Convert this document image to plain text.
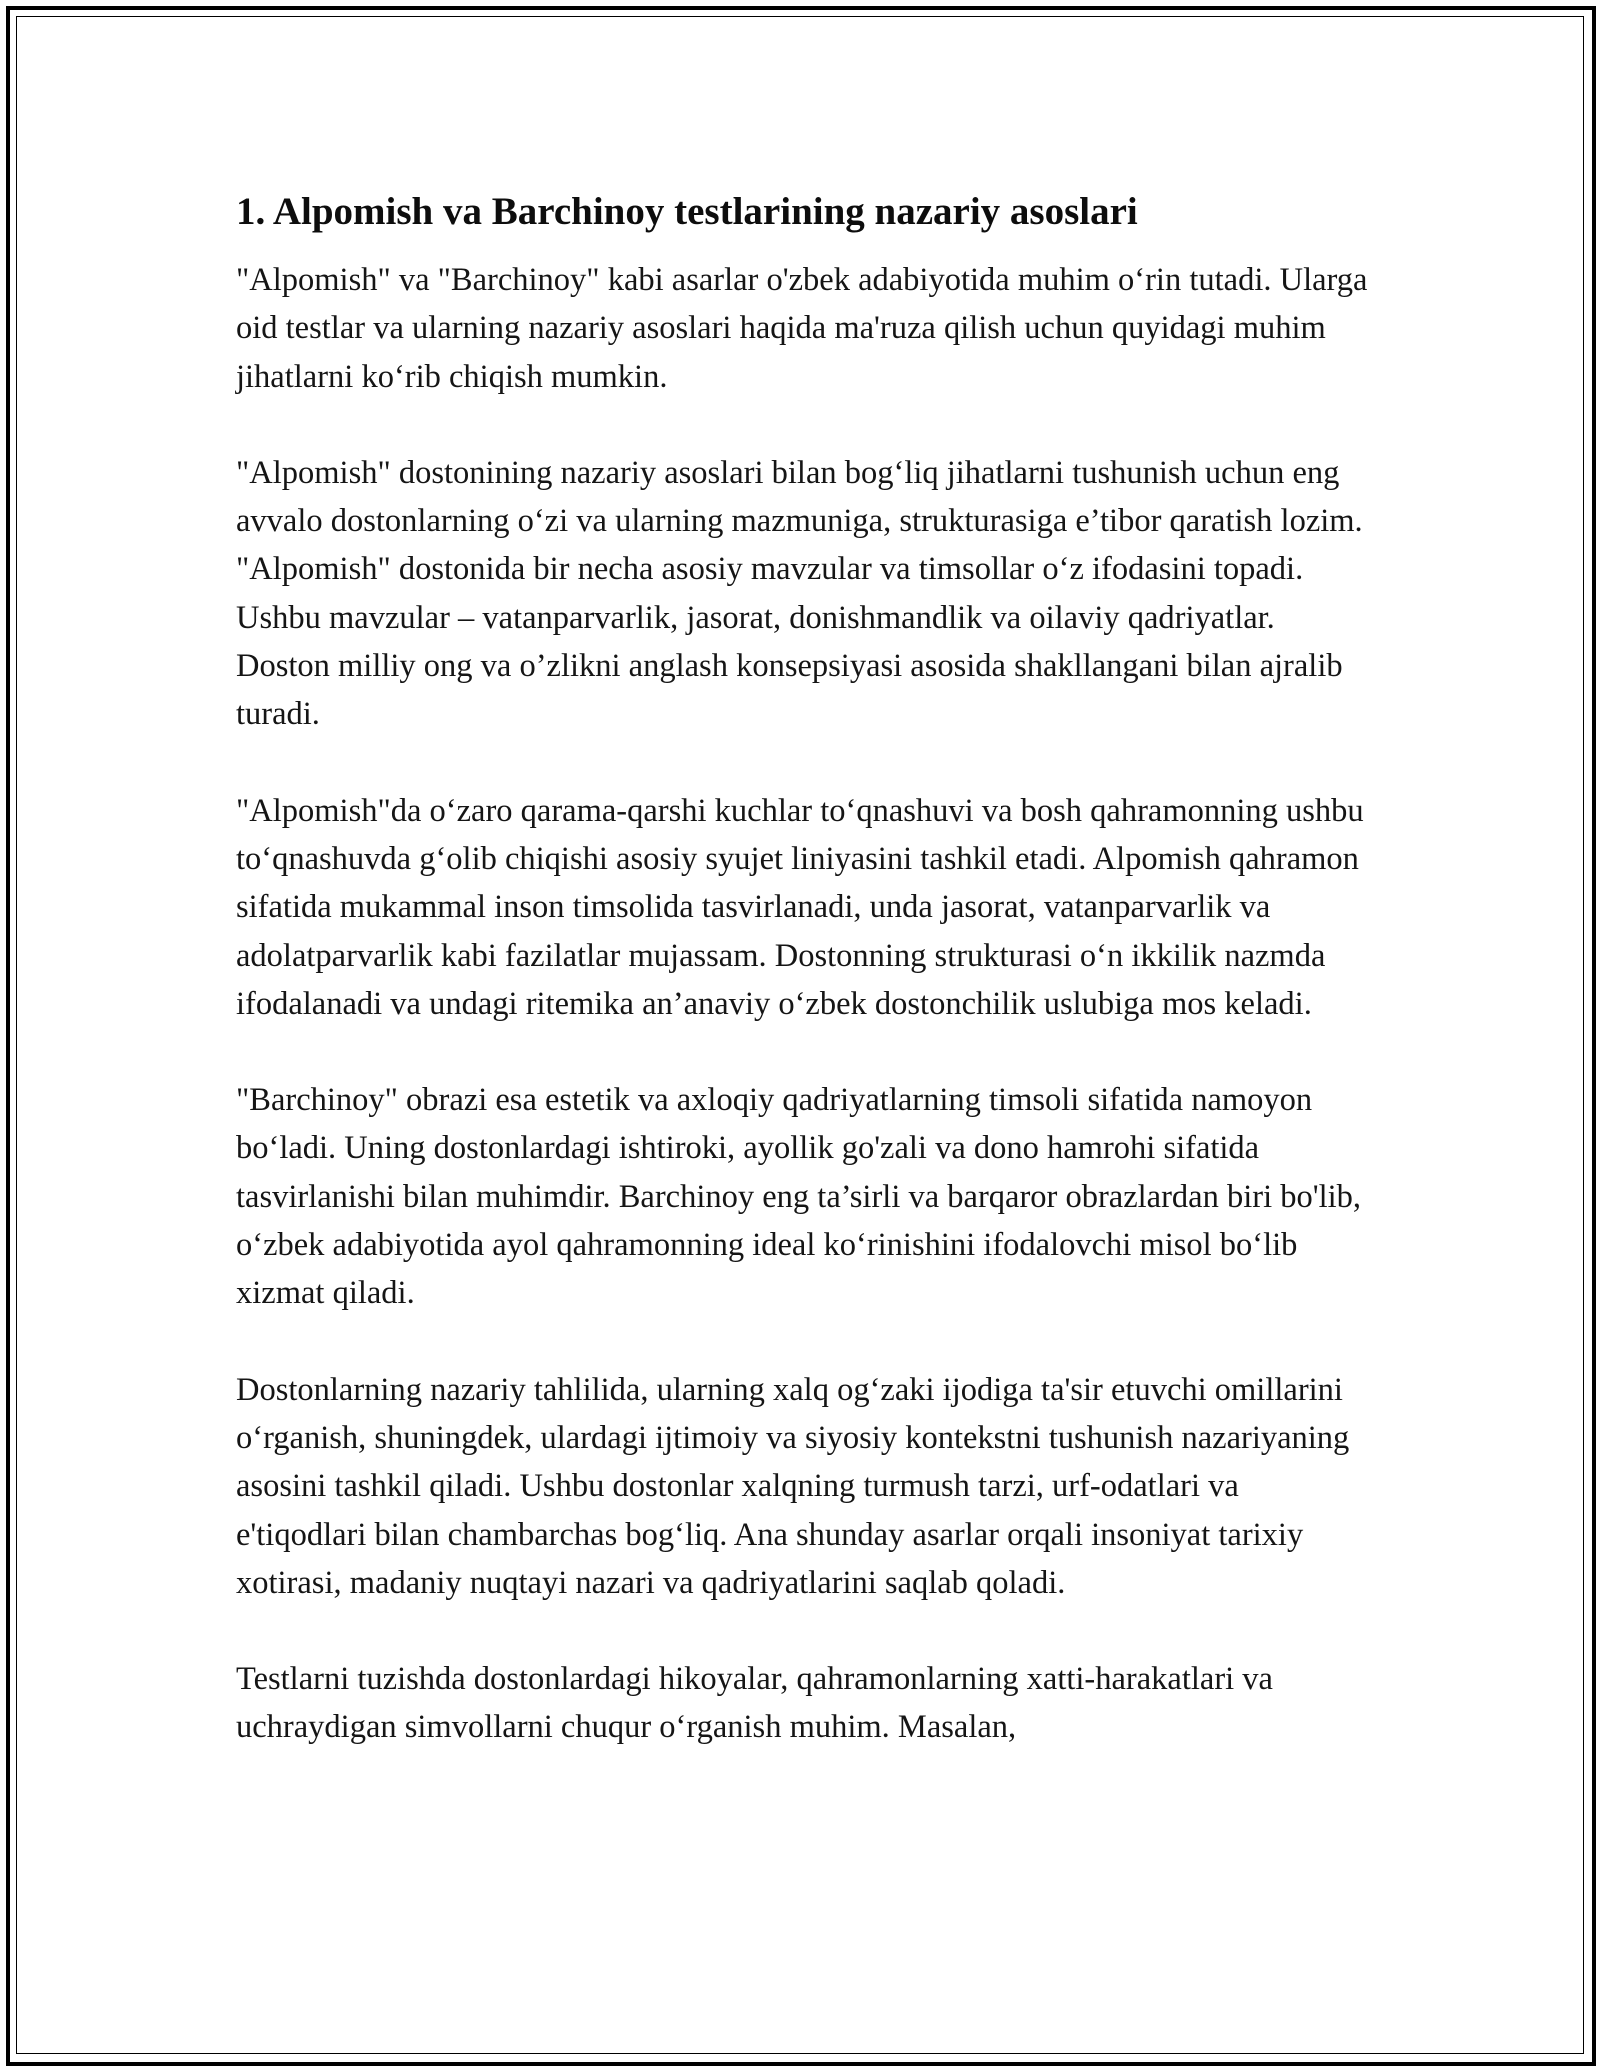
1. Alpomish va Barchinoy testlarining nazariy asoslari

"Alpomish" va "Barchinoy" kabi asarlar o'zbek adabiyotida muhim o‘rin tutadi. Ularga oid testlar va ularning nazariy asoslari haqida ma'ruza qilish uchun quyidagi muhim jihatlarni ko‘rib chiqish mumkin.

"Alpomish" dostonining nazariy asoslari bilan bog‘liq jihatlarni tushunish uchun eng avvalo dostonlarning o‘zi va ularning mazmuniga, strukturasiga e’tibor qaratish lozim. "Alpomish" dostonida bir necha asosiy mavzular va timsollar o‘z ifodasini topadi. Ushbu mavzular – vatanparvarlik, jasorat, donishmandlik va oilaviy qadriyatlar. Doston milliy ong va o’zlikni anglash konsepsiyasi asosida shakllangani bilan ajralib turadi.

"Alpomish"da o‘zaro qarama-qarshi kuchlar to‘qnashuvi va bosh qahramonning ushbu to‘qnashuvda g‘olib chiqishi asosiy syujet liniyasini tashkil etadi. Alpomish qahramon sifatida mukammal inson timsolida tasvirlanadi, unda jasorat, vatanparvarlik va adolatparvarlik kabi fazilatlar mujassam. Dostonning strukturasi o‘n ikkilik nazmda ifodalanadi va undagi ritemika an’anaviy o‘zbek dostonchilik uslubiga mos keladi.

"Barchinoy" obrazi esa estetik va axloqiy qadriyatlarning timsoli sifatida namoyon bo‘ladi. Uning dostonlardagi ishtiroki, ayollik go'zali va dono hamrohi sifatida tasvirlanishi bilan muhimdir. Barchinoy eng ta’sirli va barqaror obrazlardan biri bo'lib, o‘zbek adabiyotida ayol qahramonning ideal ko‘rinishini ifodalovchi misol bo‘lib xizmat qiladi.

Dostonlarning nazariy tahlilida, ularning xalq og‘zaki ijodiga ta'sir etuvchi omillarini o‘rganish, shuningdek, ulardagi ijtimoiy va siyosiy kontekstni tushunish nazariyaning asosini tashkil qiladi. Ushbu dostonlar xalqning turmush tarzi, urf-odatlari va e'tiqodlari bilan chambarchas bog‘liq. Ana shunday asarlar orqali insoniyat tarixiy xotirasi, madaniy nuqtayi nazari va qadriyatlarini saqlab qoladi.

Testlarni tuzishda dostonlardagi hikoyalar, qahramonlarning xatti-harakatlari va uchraydigan simvollarni chuqur o‘rganish muhim. Masalan,
